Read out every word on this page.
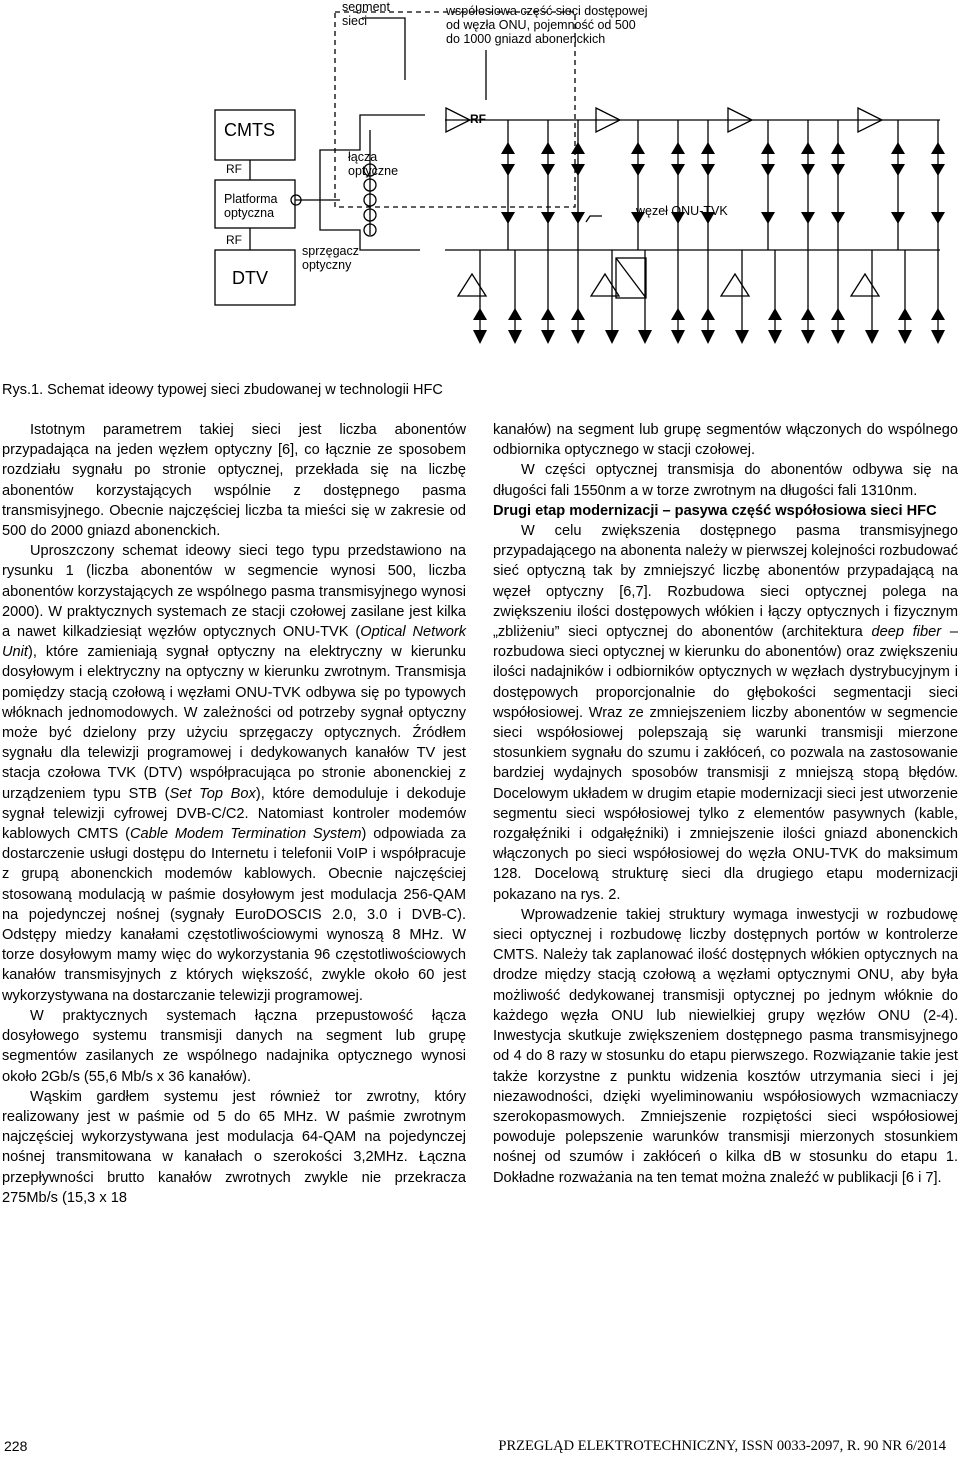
segment
sieci
współosiowa część sieci dostępowej
od węzła ONU, pojemność od 500
do 1000 gniazd abonenckich
CMTS
RF
Platforma
optyczna
RF
DTV
łącza
optyczne
sprzęgacz
optyczny
RF
węzeł ONU-TVK
Rys.1. Schemat ideowy typowej sieci zbudowanej w technologii HFC

Istotnym parametrem takiej sieci jest liczba abonentów przypadająca na jeden węzłem optyczny [6], co łącznie ze sposobem rozdziału sygnału po stronie optycznej, przekłada się na liczbę abonentów korzystających wspólnie z dostępnego pasma transmisyjnego. Obecnie najczęściej liczba ta mieści się w zakresie od 500 do 2000 gniazd abonenckich.

Uproszczony schemat ideowy sieci tego typu przedstawiono na rysunku 1 (liczba abonentów w segmencie wynosi 500, liczba abonentów korzystających ze wspólnego pasma transmisyjnego wynosi 2000). W praktycznych systemach ze stacji czołowej zasilane jest kilka a nawet kilkadziesiąt węzłów optycznych ONU-TVK (Optical Network Unit), które zamieniają sygnał optyczny na elektryczny w kierunku dosyłowym i elektryczny na optyczny w kierunku zwrotnym. Transmisja pomiędzy stacją czołową i węzłami ONU-TVK odbywa się po typowych włóknach jednomodowych. W zależności od potrzeby sygnał optyczny może być dzielony przy użyciu sprzęgaczy optycznych. Źródłem sygnału dla telewizji programowej i dedykowanych kanałów TV jest stacja czołowa TVK (DTV) współpracująca po stronie abonenckiej z urządzeniem typu STB (Set Top Box), które demoduluje i dekoduje sygnał telewizji cyfrowej DVB-C/C2. Natomiast kontroler modemów kablowych CMTS (Cable Modem Termination System) odpowiada za dostarczenie usługi dostępu do Internetu i telefonii VoIP i współpracuje z grupą abonenckich modemów kablowych. Obecnie najczęściej stosowaną modulacją w paśmie dosyłowym jest modulacja 256-QAM na pojedynczej nośnej (sygnały EuroDOSCIS 2.0, 3.0 i DVB-C). Odstępy miedzy kanałami częstotliwościowymi wynoszą 8 MHz. W torze dosyłowym mamy więc do wykorzystania 96 częstotliwościowych kanałów transmisyjnych z których większość, zwykle około 60 jest wykorzystywana na dostarczanie telewizji programowej.

W praktycznych systemach łączna przepustowość łącza dosyłowego systemu transmisji danych na segment lub grupę segmentów zasilanych ze wspólnego nadajnika optycznego wynosi około 2Gb/s (55,6 Mb/s x 36 kanałów).

Wąskim gardłem systemu jest również tor zwrotny, który realizowany jest w paśmie od 5 do 65 MHz. W paśmie zwrotnym najczęściej wykorzystywana jest modulacja 64-QAM na pojedynczej nośnej transmitowana w kanałach o szerokości 3,2MHz. Łączna przepływności brutto kanałów zwrotnych zwykle nie przekracza 275Mb/s (15,3 x 18

kanałów) na segment lub grupę segmentów włączonych do wspólnego odbiornika optycznego w stacji czołowej.

W części optycznej transmisja do abonentów odbywa się na długości fali 1550nm a w torze zwrotnym na długości fali 1310nm.

Drugi etap modernizacji – pasywa część współosiowa sieci HFC

W celu zwiększenia dostępnego pasma transmisyjnego przypadającego na abonenta należy w pierwszej kolejności rozbudować sieć optyczną tak by zmniejszyć liczbę abonentów przypadającą na węzeł optyczny [6,7]. Rozbudowa sieci optycznej polega na zwiększeniu ilości dostępowych włókien i łączy optycznych i fizycznym „zbliżeniu” sieci optycznej do abonentów (architektura deep fiber – rozbudowa sieci optycznej w kierunku do abonentów) oraz zwiększeniu ilości nadajników i odbiorników optycznych w węzłach dystrybucyjnym i dostępowych proporcjonalnie do głębokości segmentacji sieci współosiowej. Wraz ze zmniejszeniem liczby abonentów w segmencie sieci współosiowej polepszają się warunki transmisji mierzone stosunkiem sygnału do szumu i zakłóceń, co pozwala na zastosowanie bardziej wydajnych sposobów transmisji z mniejszą stopą błędów. Docelowym układem w drugim etapie modernizacji sieci jest utworzenie segmentu sieci współosiowej tylko z elementów pasywnych (kable, rozgałęźniki i odgałęźniki) i zmniejszenie ilości gniazd abonenckich włączonych po sieci współosiowej do węzła ONU-TVK do maksimum 128. Docelową strukturę sieci dla drugiego etapu modernizacji pokazano na rys. 2.

Wprowadzenie takiej struktury wymaga inwestycji w rozbudowę sieci optycznej i rozbudowę liczby dostępnych portów w kontrolerze CMTS. Należy tak zaplanować ilość dostępnych włókien optycznych na drodze między stacją czołową a węzłami optycznymi ONU, aby była możliwość dedykowanej transmisji optycznej po jednym włóknie do każdego węzła ONU lub niewielkiej grupy węzłów ONU (2-4). Inwestycja skutkuje zwiększeniem dostępnego pasma transmisyjnego od 4 do 8 razy w stosunku do etapu pierwszego. Rozwiązanie takie jest także korzystne z punktu widzenia kosztów utrzymania sieci i jej niezawodności, dzięki wyeliminowaniu współosiowych wzmacniaczy szerokopasmowych. Zmniejszenie rozpiętości sieci współosiowej powoduje polepszenie warunków transmisji mierzonych stosunkiem nośnej od szumów i zakłóceń o kilka dB w stosunku do etapu 1. Dokładne rozważania na ten temat można znaleźć w publikacji [6 i 7].

228	PRZEGLĄD ELEKTROTECHNICZNY, ISSN 0033-2097, R. 90 NR 6/2014
